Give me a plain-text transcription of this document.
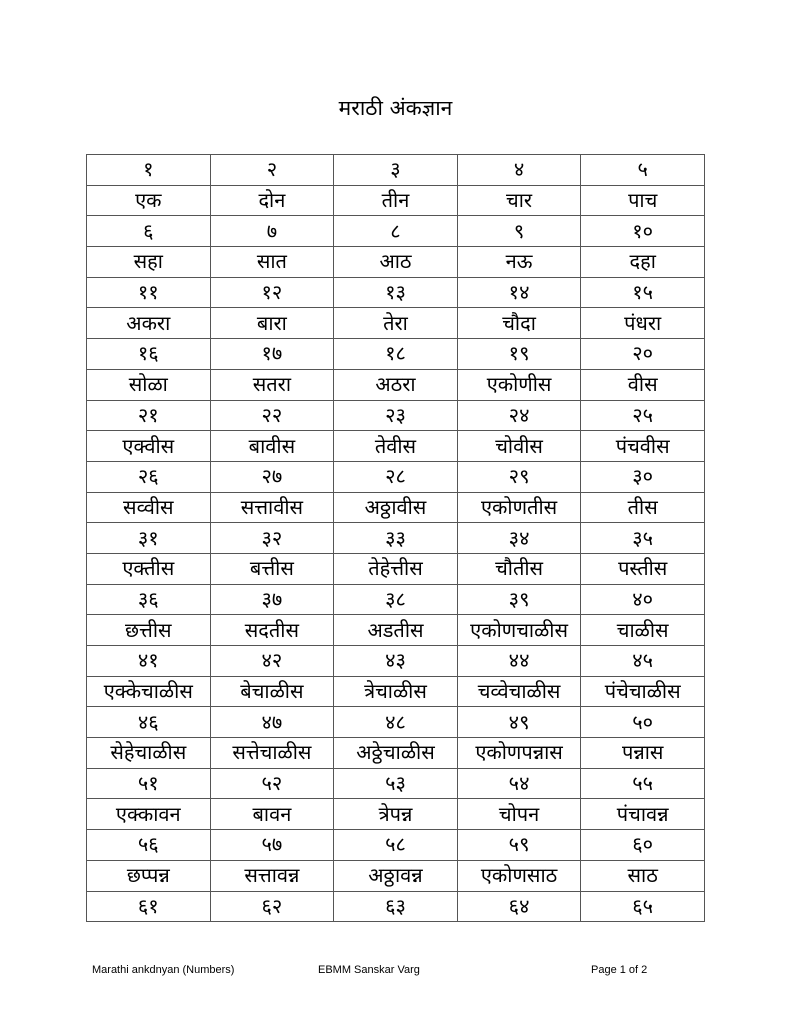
मराठी अंकज्ञान
१	२	३	४	५
एक	दोन	तीन	चार	पाच
६	७	८	९	१०
सहा	सात	आठ	नऊ	दहा
११	१२	१३	१४	१५
अकरा	बारा	तेरा	चौदा	पंधरा
१६	१७	१८	१९	२०
सोळा	सतरा	अठरा	एकोणीस	वीस
२१	२२	२३	२४	२५
एक्वीस	बावीस	तेवीस	चोवीस	पंचवीस
२६	२७	२८	२९	३०
सव्वीस	सत्तावीस	अठ्ठावीस	एकोणतीस	तीस
३१	३२	३३	३४	३५
एक्तीस	बत्तीस	तेहेत्तीस	चौतीस	पस्तीस
३६	३७	३८	३९	४०
छत्तीस	सदतीस	अडतीस	एकोणचाळीस	चाळीस
४१	४२	४३	४४	४५
एक्केचाळीस	बेचाळीस	त्रेचाळीस	चव्वेचाळीस	पंचेचाळीस
४६	४७	४८	४९	५०
सेहेचाळीस	सत्तेचाळीस	अठ्ठेचाळीस	एकोणपन्नास	पन्नास
५१	५२	५३	५४	५५
एक्कावन	बावन	त्रेपन्न	चोपन	पंचावन्न
५६	५७	५८	५९	६०
छप्पन्न	सत्तावन्न	अठ्ठावन्न	एकोणसाठ	साठ
६१	६२	६३	६४	६५
Marathi ankdnyan (Numbers)	EBMM Sanskar Varg	Page 1 of 2
